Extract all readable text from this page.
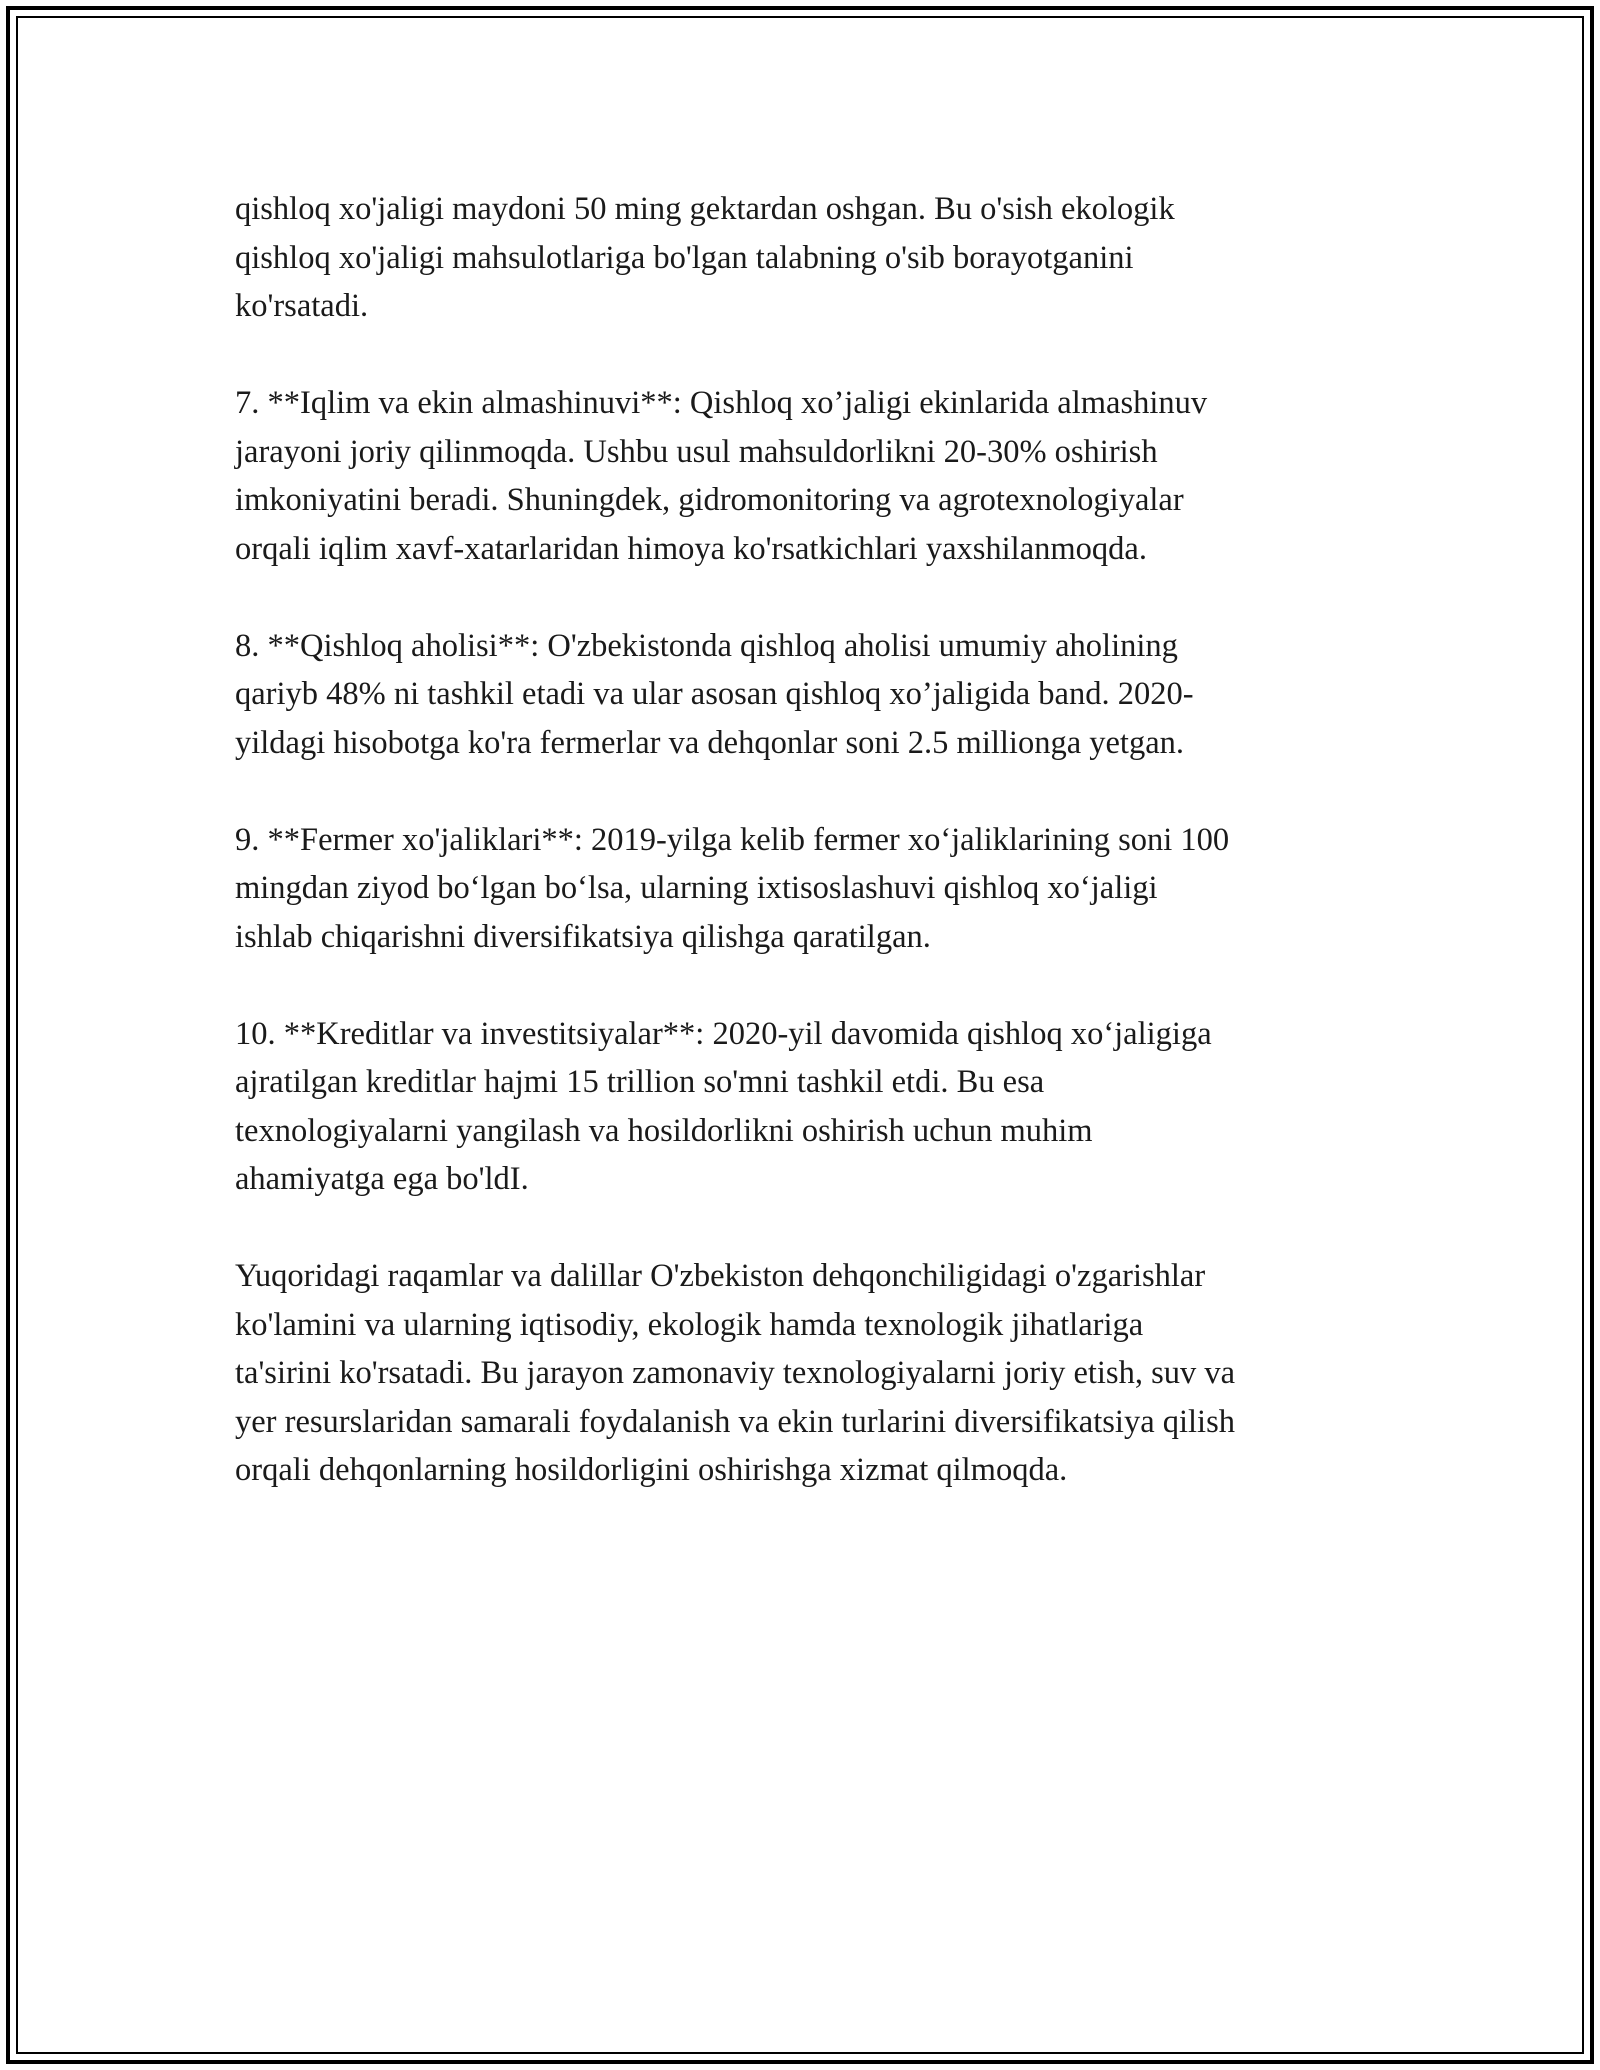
qishloq xo'jaligi maydoni 50 ming gektardan oshgan. Bu o'sish ekologik
qishloq xo'jaligi mahsulotlariga bo'lgan talabning o'sib borayotganini
ko'rsatadi.

7. **Iqlim va ekin almashinuvi**: Qishloq xo’jaligi ekinlarida almashinuv
jarayoni joriy qilinmoqda. Ushbu usul mahsuldorlikni 20-30% oshirish
imkoniyatini beradi. Shuningdek, gidromonitoring va agrotexnologiyalar
orqali iqlim xavf-xatarlaridan himoya ko'rsatkichlari yaxshilanmoqda.

8. **Qishloq aholisi**: O'zbekistonda qishloq aholisi umumiy aholining
qariyb 48% ni tashkil etadi va ular asosan qishloq xo’jaligida band. 2020-
yildagi hisobotga ko'ra fermerlar va dehqonlar soni 2.5 millionga yetgan.

9. **Fermer xo'jaliklari**: 2019-yilga kelib fermer xo‘jaliklarining soni 100
mingdan ziyod bo‘lgan bo‘lsa, ularning ixtisoslashuvi qishloq xo‘jaligi
ishlab chiqarishni diversifikatsiya qilishga qaratilgan.

10. **Kreditlar va investitsiyalar**: 2020-yil davomida qishloq xo‘jaligiga
ajratilgan kreditlar hajmi 15 trillion so'mni tashkil etdi. Bu esa
texnologiyalarni yangilash va hosildorlikni oshirish uchun muhim
ahamiyatga ega bo'ldI.

Yuqoridagi raqamlar va dalillar O'zbekiston dehqonchiligidagi o'zgarishlar
ko'lamini va ularning iqtisodiy, ekologik hamda texnologik jihatlariga
ta'sirini ko'rsatadi. Bu jarayon zamonaviy texnologiyalarni joriy etish, suv va
yer resurslaridan samarali foydalanish va ekin turlarini diversifikatsiya qilish
orqali dehqonlarning hosildorligini oshirishga xizmat qilmoqda.
